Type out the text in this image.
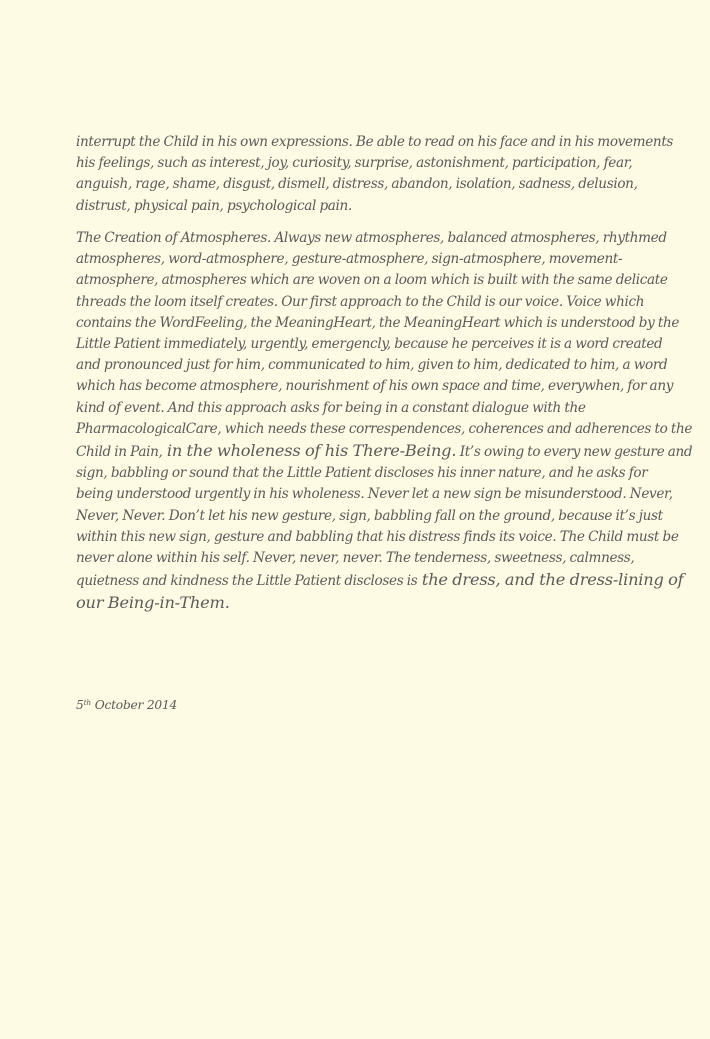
interrupt the Child in his own expressions. Be able to read on his face and in his movements
his feelings, such as interest, joy, curiosity, surprise, astonishment, participation, fear,
anguish, rage, shame, disgust, dismell, distress, abandon, isolation, sadness, delusion,
distrust, physical pain, psychological pain.
The Creation of Atmospheres. Always new atmospheres, balanced atmospheres, rhythmed
atmospheres, word-atmosphere, gesture-atmosphere, sign-atmosphere, movement-
atmosphere, atmospheres which are woven on a loom which is built with the same delicate
threads the loom itself creates. Our first approach to the Child is our voice. Voice which
contains the WordFeeling, the MeaningHeart, the MeaningHeart which is understood by the
Little Patient immediately, urgently, emergencly, because he perceives it is a word created
and pronounced just for him, communicated to him, given to him, dedicated to him, a word
which has become atmosphere, nourishment of his own space and time, everywhen, for any
kind of event. And this approach asks for being in a constant dialogue with the
PharmacologicalCare, which needs these correspendences, coherences and adherences to the
Child in Pain, in the wholeness of his There-Being. It’s owing to every new gesture and
sign, babbling or sound that the Little Patient discloses his inner nature, and he asks for
being understood urgently in his wholeness. Never let a new sign be misunderstood. Never,
Never, Never. Don’t let his new gesture, sign, babbling fall on the ground, because it’s just
within this new sign, gesture and babbling that his distress finds its voice. The Child must be
never alone within his self. Never, never, never. The tenderness, sweetness, calmness,
quietness and kindness the Little Patient discloses is the dress, and the dress-lining of
our Being-in-Them.
5th October 2014
